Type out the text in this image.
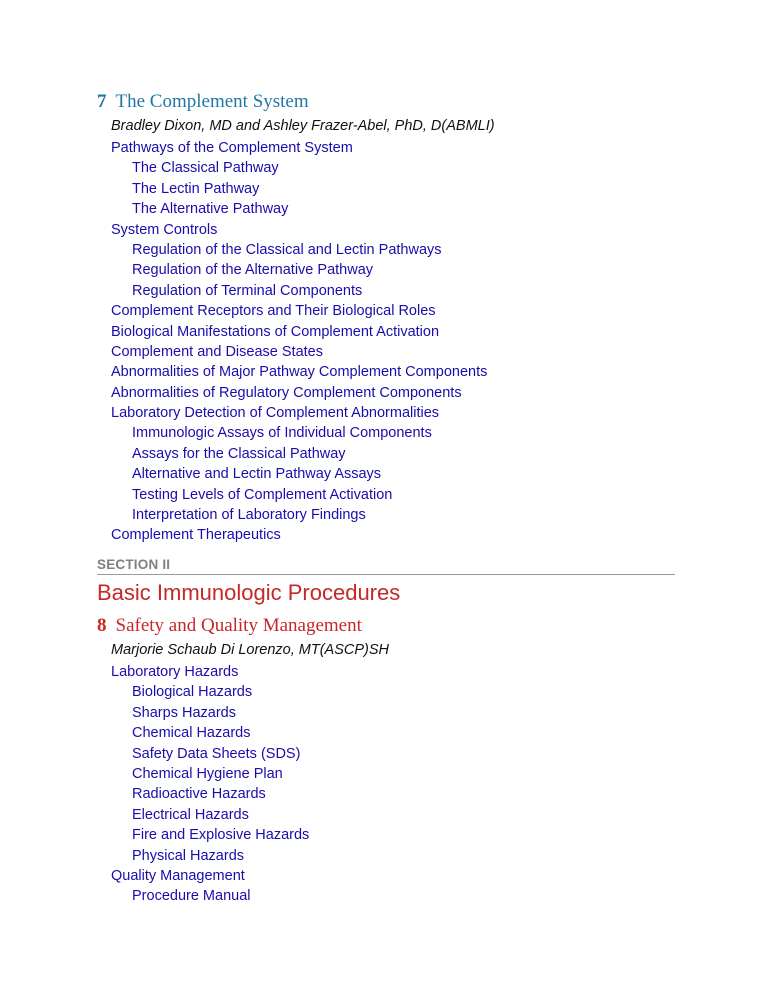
7 The Complement System
Bradley Dixon, MD and Ashley Frazer-Abel, PhD, D(ABMLI)
Pathways of the Complement System
The Classical Pathway
The Lectin Pathway
The Alternative Pathway
System Controls
Regulation of the Classical and Lectin Pathways
Regulation of the Alternative Pathway
Regulation of Terminal Components
Complement Receptors and Their Biological Roles
Biological Manifestations of Complement Activation
Complement and Disease States
Abnormalities of Major Pathway Complement Components
Abnormalities of Regulatory Complement Components
Laboratory Detection of Complement Abnormalities
Immunologic Assays of Individual Components
Assays for the Classical Pathway
Alternative and Lectin Pathway Assays
Testing Levels of Complement Activation
Interpretation of Laboratory Findings
Complement Therapeutics
SECTION II
Basic Immunologic Procedures
8 Safety and Quality Management
Marjorie Schaub Di Lorenzo, MT(ASCP)SH
Laboratory Hazards
Biological Hazards
Sharps Hazards
Chemical Hazards
Safety Data Sheets (SDS)
Chemical Hygiene Plan
Radioactive Hazards
Electrical Hazards
Fire and Explosive Hazards
Physical Hazards
Quality Management
Procedure Manual
